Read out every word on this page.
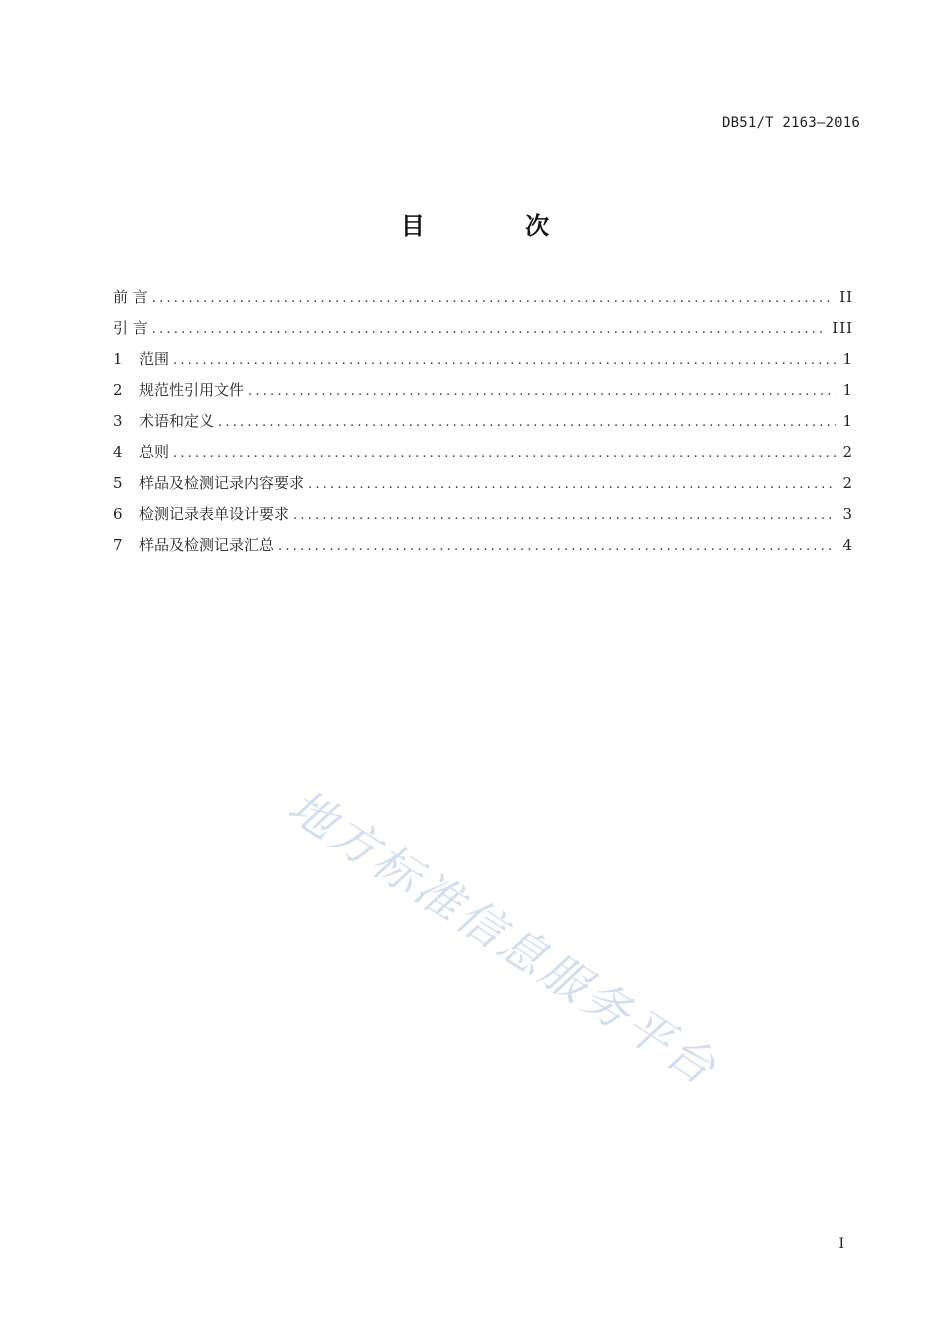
DB51/T 2163—2016
目 次
前 言 .....	II
引 言 .....	III
1	范围 .....	1
2	规范性引用文件 .....	1
3	术语和定义 .....	1
4	总则 .....	2
5	样品及检测记录内容要求 .....	2
6	检测记录表单设计要求 .....	3
7	样品及检测记录汇总 .....	4
地方标准信息服务平台
I
